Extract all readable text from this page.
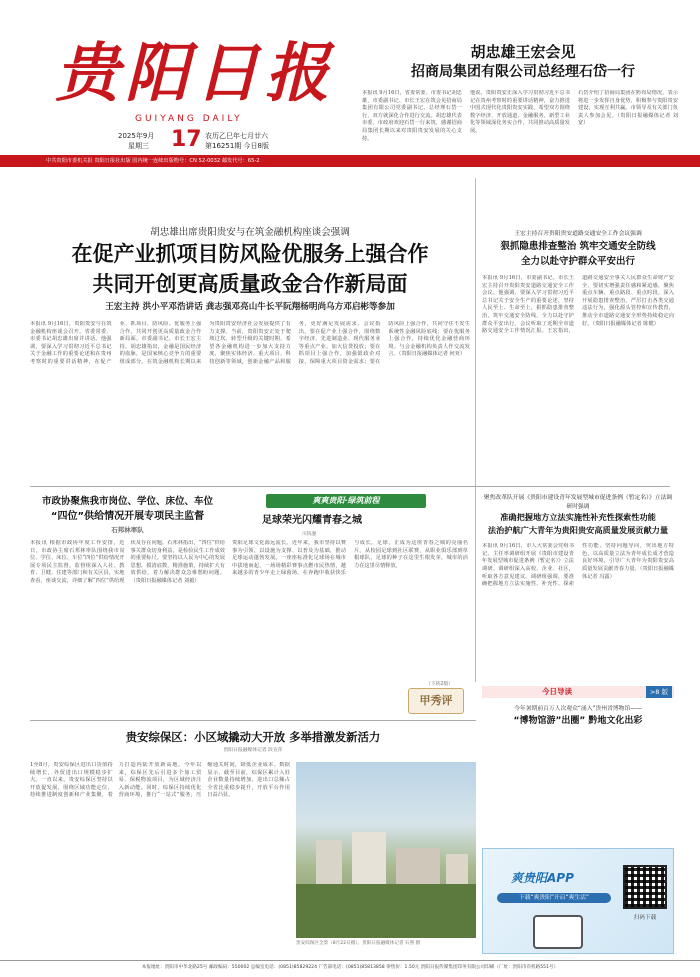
贵阳日报
GUIYANG DAILY
2025年9月
星期三 17 农历乙巳年七月廿六
第16251期 今日8版
中共贵阳市委机关报 贵阳日报社出版 国内统一连续出版物号：CN 52-0032 邮发代号：65-2
胡忠雄王宏会见
招商局集团有限公司总经理石岱一行
本报讯 9月16日，省委常委、市委书记胡忠雄，市委副书记、市长王宏在筑会见招商局集团有限公司党委副书记、总经理石岱一行，双方就深化合作进行交流。胡忠雄代表市委、市政府欢迎石岱一行来筑，感谢招商局集团长期以来对贵阳贵安发展的关心支持。
他说，贵阳贵安正深入学习贯彻习近平总书记在贵州考察时的重要讲话精神，奋力推进中国式现代化贵阳贵安实践，希望双方围绕数字经济、开放通道、金融服务、新型工业化等领域深化务实合作，共同推动高质量发展。
石岱介绍了招商局集团在黔布局情况，表示将进一步发挥自身优势，积极参与贵阳贵安建设，实现互利共赢。市领导及有关部门负责人参加会见。（贵阳日报融媒体记者 刘宽）
胡忠雄出席贵阳贵安与在筑金融机构座谈会强调
在促产业抓项目防风险优服务上强合作
共同开创更高质量政金合作新局面
王宏主持 洪小平邓浩讲话 龚志强邓亮山牛长平阮翔杨明尚乌方邓启彬等参加
本报讯 9月16日，贵阳贵安与在筑金融机构座谈会召开。省委常委、市委书记胡忠雄出席并讲话。他强调，要深入学习贯彻习近平总书记关于金融工作的重要论述和在贵州考察时的重要讲话精神，在促产业、抓项目、防风险、优服务上强合作，共同开创更高质量政金合作新局面。市委副书记、市长王宏主持。胡忠雄指出，金融是国民经济的血脉，是国家核心竞争力的重要组成部分。在筑金融机构长期以来为贵阳贵安经济社会发展提供了有力支撑。当前，贵阳贵安正处于爬坡过坎、转型升级的关键时期，希望各金融机构进一步加大支持力度，聚焦实体经济、重大项目、科技创新等领域，创新金融产品和服务，更好满足发展需求。会议指出，要在促产业上强合作，围绕数字经济、先进制造业、现代服务业等重点产业，加大信贷投放；要在抓项目上强合作，加强银政企对接，保障重大项目资金需求；要在防风险上强合作，共同守住不发生系统性金融风险底线；要在优服务上强合作，持续优化金融营商环境。与会金融机构负责人作交流发言。（贵阳日报融媒体记者 何亚）
王宏主持召开贵阳贵安道路交通安全工作会议强调
狠抓隐患排查整治 筑牢交通安全防线
全力以赴守护群众平安出行
本报讯 9月16日，市委副书记、市长王宏主持召开贵阳贵安道路交通安全工作会议。他强调，要深入学习贯彻习近平总书记关于安全生产的重要论述，坚持人民至上、生命至上，狠抓隐患排查整治，筑牢交通安全防线，全力以赴守护群众平安出行。会议听取了近期全市道路交通安全工作情况汇报。王宏指出，道路交通安全事关人民群众生命财产安全，要切实增强责任感和紧迫感，聚焦重点车辆、重点路段、重点时段，深入开展隐患排查整治，严厉打击各类交通违法行为，强化源头管控和宣传教育，推动全市道路交通安全形势持续稳定向好。（贵阳日报融媒体记者 陈健）
市政协聚焦我市岗位、学位、床位、车位
“四位”供给情况开展专项民主监督
石邦林率队
本报讯 根据市政协年度工作安排，近日，市政协主席石邦林率队围绕我市岗位、学位、床位、车位“四位”供给情况开展专项民主监督。监督组深入人社、教育、卫健、住建等部门和有关区县，实地查看、座谈交流，详细了解“四位”供给现状及存在问题。石邦林指出，“四位”供给事关群众切身利益，是检验民生工作成效的重要标尺。要坚持以人民为中心的发展思想，摸清底数，精准施策，持续扩大有效供给，着力解决群众急难愁盼问题。（贵阳日报融媒体记者 刘毅）
爽爽贵阳·绿筑前程
足球荣光闪耀青春之城
川钱强
贵阳足球文化源远流长。近年来，我市坚持以赛事为引领、以设施为支撑、以普及为基础，推动足球运动蓬勃发展。一座座标准化足球场在城市中拔地而起，一场场精彩赛事点燃市民热情，越来越多的青少年走上绿茵场，在奔跑中收获快乐与成长。足球，正成为这座青春之城的亮丽名片。从校园足球到社区联赛，从职业俱乐部到草根球队，足球的种子在这里生根发芽，城市的活力在这里尽情释放。
（下转2版）
甲秀评
聚焦改革队开展《贵阳市建设青年发展型城市促进条例（暂定名）》立法调研时强调
准确把握地方立法实施性补充性探索性功能
法治护航广大青年为贵阳贵安高质量发展贡献力量
本报讯 9月16日，市人大常委会党组书记、主任率调研组开展《贵阳市建设青年发展型城市促进条例（暂定名）》立法调研。调研组深入高校、企业、社区，听取各方意见建议。调研组强调，要准确把握地方立法实施性、补充性、探索性功能，坚持问题导向，突出地方特色，以高质量立法为青年成长成才营造良好环境，引导广大青年为贵阳贵安高质量发展贡献青春力量。（贵阳日报融媒体记者 冯露）
今日导读	>8 版
今年暑期前百万人次观众“涌入”贵州省博物馆——
“博物馆游”出圈” 黔地文化出彩
贵安综保区：小区域撬动大开放 多举措激发新活力
贵阳日报融媒体记者 段宣萍
1至8月，贵安综保区进出口货值持续增长，外贸进出口规模稳步扩大。一直以来，贵安综保区坚持以开放促发展，围绕区域功能定位，持续推进制度创新和产业集聚，着力打造内陆开放新高地。今年以来，综保区先后引进多个加工贸易、保税物流项目，为区域经济注入新动能。同时，综保区持续优化营商环境，推行“一站式”服务，压缩通关时间，降低企业成本。数据显示，截至目前，综保区累计入驻企业数量持续增加，进出口总额占全省比重稳步提升，开放平台作用日益凸显。
贵安综保区全景（8月22日摄）。贵阳日报融媒体记者 石照 摄
爽贵阳APP
下载“爽贵阳”开启“爽生活”
扫码下载
本报地址：贵阳市中华北路25号 邮政编码：550002 总编室电话：(0851)85829224 广告部电话：(0851)85813858 零售价：1.50元 贵阳日报传媒集团印务有限公司印刷（厂址：贵阳市有机路551号）
